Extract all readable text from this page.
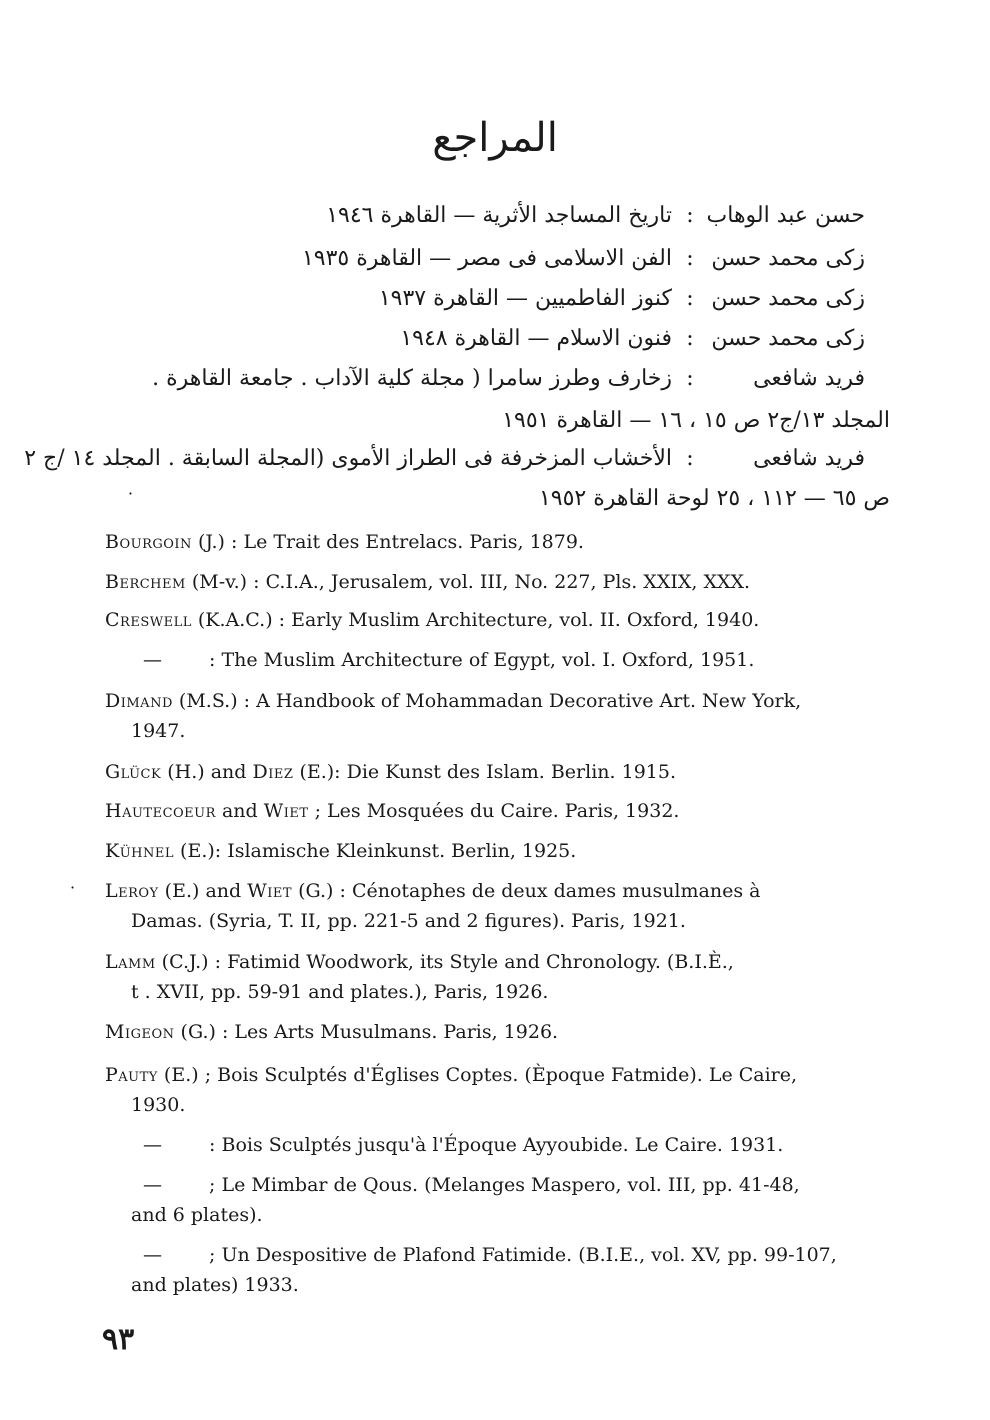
المراجع
حسن عبد الوهاب
:
تاريخ المساجد الأثرية — القاهرة ١٩٤٦
زكى محمد حسن
:
الفن الاسلامى فى مصر — القاهرة ١٩٣٥
زكى محمد حسن
:
كنوز الفاطميين — القاهرة ١٩٣٧
زكى محمد حسن
:
فنون الاسلام — القاهرة ١٩٤٨
فريد شافعى
:
زخارف وطرز سامرا ( مجلة كلية الآداب . جامعة القاهرة .
المجلد ١٣/ج٢ ص ١٥ ، ١٦ — القاهرة ١٩٥١
فريد شافعى
:
الأخشاب المزخرفة فى الطراز الأموى (المجلة السابقة . المجلد ١٤ /ج ٢
ص ٦٥ — ١١٢ ، ٢٥ لوحة القاهرة ١٩٥٢
Bourgoin (J.) : Le Trait des Entrelacs. Paris, 1879.
Berchem (M-v.) : C.I.A., Jerusalem, vol. III, No. 227, Pls. XXIX, XXX.
Creswell (K.A.C.) : Early Muslim Architecture, vol. II. Oxford, 1940.
— : The Muslim Architecture of Egypt, vol. I. Oxford, 1951.
Dimand (M.S.) : A Handbook of Mohammadan Decorative Art. New York,
1947.
Glück (H.) and Diez (E.): Die Kunst des Islam. Berlin. 1915.
Hautecoeur and Wiet ; Les Mosquées du Caire. Paris, 1932.
Kühnel (E.): Islamische Kleinkunst. Berlin, 1925.
Leroy (E.) and Wiet (G.) : Cénotaphes de deux dames musulmanes à
Damas. (Syria, T. II, pp. 221-5 and 2 figures). Paris, 1921.
Lamm (C.J.) : Fatimid Woodwork, its Style and Chronology. (B.I.È.,
t . XVII, pp. 59-91 and plates.), Paris, 1926.
Migeon (G.) : Les Arts Musulmans. Paris, 1926.
Pauty (E.) ; Bois Sculptés d'Églises Coptes. (Èpoque Fatmide). Le Caire,
1930.
— : Bois Sculptés jusqu'à l'Époque Ayyoubide. Le Caire. 1931.
— ; Le Mimbar de Qous. (Melanges Maspero, vol. III, pp. 41-48,
and 6 plates).
— ; Un Despositive de Plafond Fatimide. (B.I.E., vol. XV, pp. 99-107,
and plates) 1933.
٩٣
·
·
